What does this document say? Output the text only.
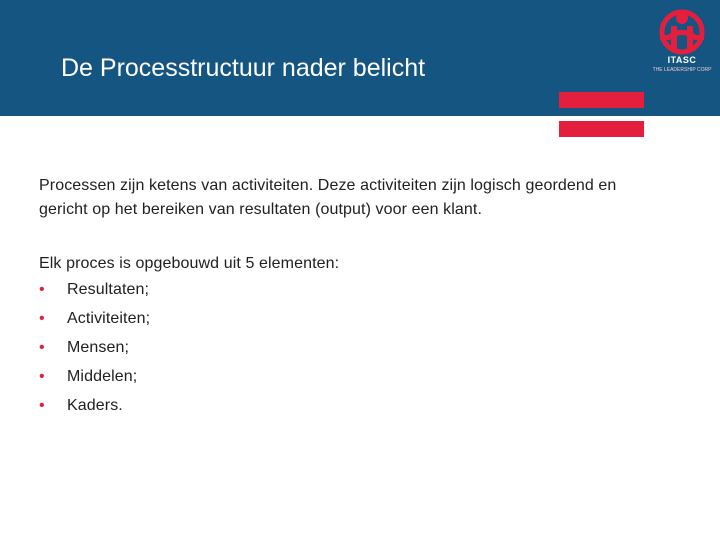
De Processtructuur nader belicht	ITASC
THE LEADERSHIP CORP

Processen zijn ketens van activiteiten. Deze activiteiten zijn logisch geordend en
gericht op het bereiken van resultaten (output) voor een klant.

Elk proces is opgebouwd uit 5 elementen:

•	Resultaten;
•	Activiteiten;
•	Mensen;
•	Middelen;
•	Kaders.
